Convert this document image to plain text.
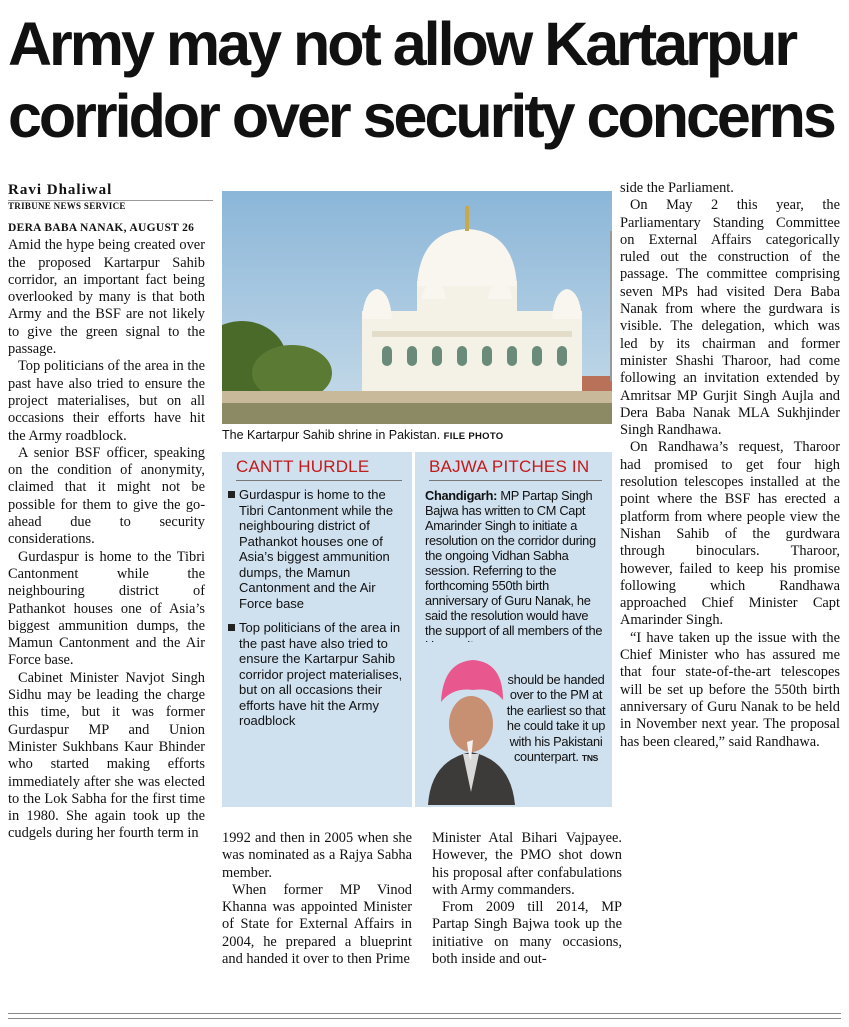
Army may not allow Kartarpur
corridor over security concerns
Ravi Dhaliwal
TRIBUNE NEWS SERVICE
DERA BABA NANAK, AUGUST 26

Amid the hype being created over the proposed Kartarpur Sahib corridor, an important fact being overlooked by many is that both Army and the BSF are not likely to give the green signal to the passage.

Top politicians of the area in the past have also tried to ensure the project materialises, but on all occasions their efforts have hit the Army roadblock.

A senior BSF officer, speaking on the condition of anonymity, claimed that it might not be possible for them to give the go-ahead due to security considerations.

Gurdaspur is home to the Tibri Cantonment while the neighbouring district of Pathankot houses one of Asia’s biggest ammunition dumps, the Mamun Cantonment and the Air Force base.

Cabinet Minister Navjot Singh Sidhu may be leading the charge this time, but it was former Gurdaspur MP and Union Minister Sukhbans Kaur Bhinder who started making efforts immediately after she was elected to the Lok Sabha for the first time in 1980. She again took up the cudgels during her fourth term in

The Kartarpur Sahib shrine in Pakistan. FILE PHOTO
CANTT HURDLE
Gurdaspur is home to the Tibri Cantonment while the neighbouring district of Pathankot houses one of Asia’s biggest ammunition dumps, the Mamun Cantonment and the Air Force base
Top politicians of the area in the past have also tried to ensure the Kartarpur Sahib corridor project materialises, but on all occasions their efforts have hit the Army roadblock
BAJWA PITCHES IN
Chandigarh: MP Partap Singh Bajwa has written to CM Capt Amarinder Singh to initiate a resolution on the corridor during the ongoing Vidhan Sabha session. Referring to the forthcoming 550th birth anniversary of Guru Nanak, he said the resolution would have the support of all members of the
should be handed over to the PM at the earliest so that he could take it up with his Pakistani counterpart. TNS

1992 and then in 2005 when she was nominated as a Rajya Sabha member.

When former MP Vinod Khanna was appointed Minister of State for External Affairs in 2004, he prepared a blueprint and handed it over to then Prime

Minister Atal Bihari Vajpayee. However, the PMO shot down his proposal after confabulations with Army commanders.

From 2009 till 2014, MP Partap Singh Bajwa took up the initiative on many occasions, both inside and out-

side the Parliament.

On May 2 this year, the Parliamentary Standing Committee on External Affairs categorically ruled out the construction of the passage. The committee comprising seven MPs had visited Dera Baba Nanak from where the gurdwara is visible. The delegation, which was led by its chairman and former minister Shashi Tharoor, had come following an invitation extended by Amritsar MP Gurjit Singh Aujla and Dera Baba Nanak MLA Sukhjinder Singh Randhawa.

On Randhawa’s request, Tharoor had promised to get four high resolution telescopes installed at the point where the BSF has erected a platform from where people view the Nishan Sahib of the gurdwara through binoculars. Tharoor, however, failed to keep his promise following which Randhawa approached Chief Minister Capt Amarinder Singh.

“I have taken up the issue with the Chief Minister who has assured me that four state-of-the-art telescopes will be set up before the 550th birth anniversary of Guru Nanak to be held in November next year. The proposal has been cleared,” said Randhawa.
